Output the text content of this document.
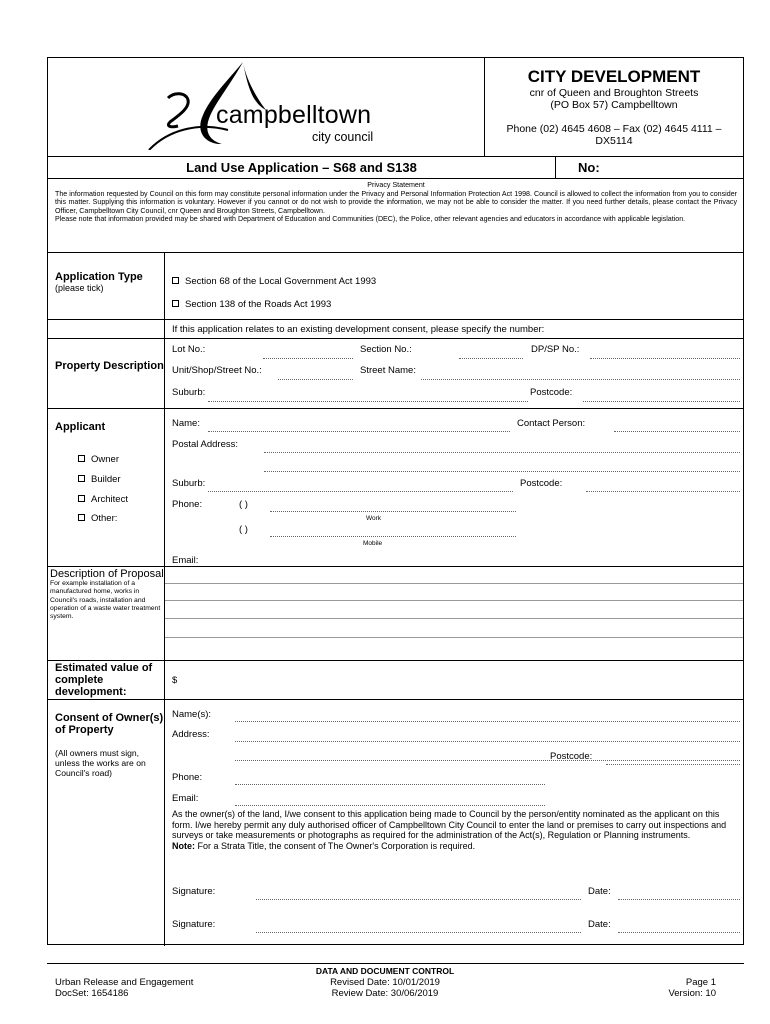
campbelltown
city council
CITY DEVELOPMENT
cnr of Queen and Broughton Streets
(PO Box 57) Campbelltown
Phone (02) 4645 4608 – Fax (02) 4645 4111 –
DX5114
Land Use Application – S68 and S138	No:
Privacy Statement
The information requested by Council on this form may constitute personal information under the Privacy and Personal Information Protection Act 1998. Council is allowed to collect the information from you to consider this matter. Supplying this information is voluntary. However if you cannot or do not wish to provide the information, we may not be able to consider the matter. If you need further details, please contact the Privacy Officer, Campbelltown City Council, cnr Queen and Broughton Streets, Campbelltown.
Please note that information provided may be shared with Department of Education and Communities (DEC), the Police, other relevant agencies and educators in accordance with applicable legislation.
Application Type
(please tick)
Section 68 of the Local Government Act 1993
Section 138 of the Roads Act 1993
If this application relates to an existing development consent, please specify the number:
Property Description
Lot No.:	Section No.:	DP/SP No.:
Unit/Shop/Street No.:	Street Name:
Suburb:	Postcode:
Applicant
Owner
Builder
Architect
Other:
Name:	Contact Person:
Postal Address:
Suburb:	Postcode:
Phone:	( )
Work
( )
Mobile
Email:
Description of Proposal
For example installation of a manufactured home, works in Council's roads, installation and operation of a waste water treatment system.
Estimated value of complete development:
$
Consent of Owner(s) of Property
(All owners must sign, unless the works are on Council's road)
Name(s):
Address:
Postcode:
Phone:
Email:
As the owner(s) of the land, I/we consent to this application being made to Council by the person/entity nominated as the applicant on this form. I/we hereby permit any duly authorised officer of Campbelltown City Council to enter the land or premises to carry out inspections and surveys or take measurements or photographs as required for the administration of the Act(s), Regulation or Planning instruments.
Note: For a Strata Title, the consent of The Owner's Corporation is required.
Signature:	Date:
Signature:	Date:
Urban Release and Engagement
DocSet: 1654186
DATA AND DOCUMENT CONTROL
Revised Date: 10/01/2019
Review Date: 30/06/2019
Page 1
Version: 10
